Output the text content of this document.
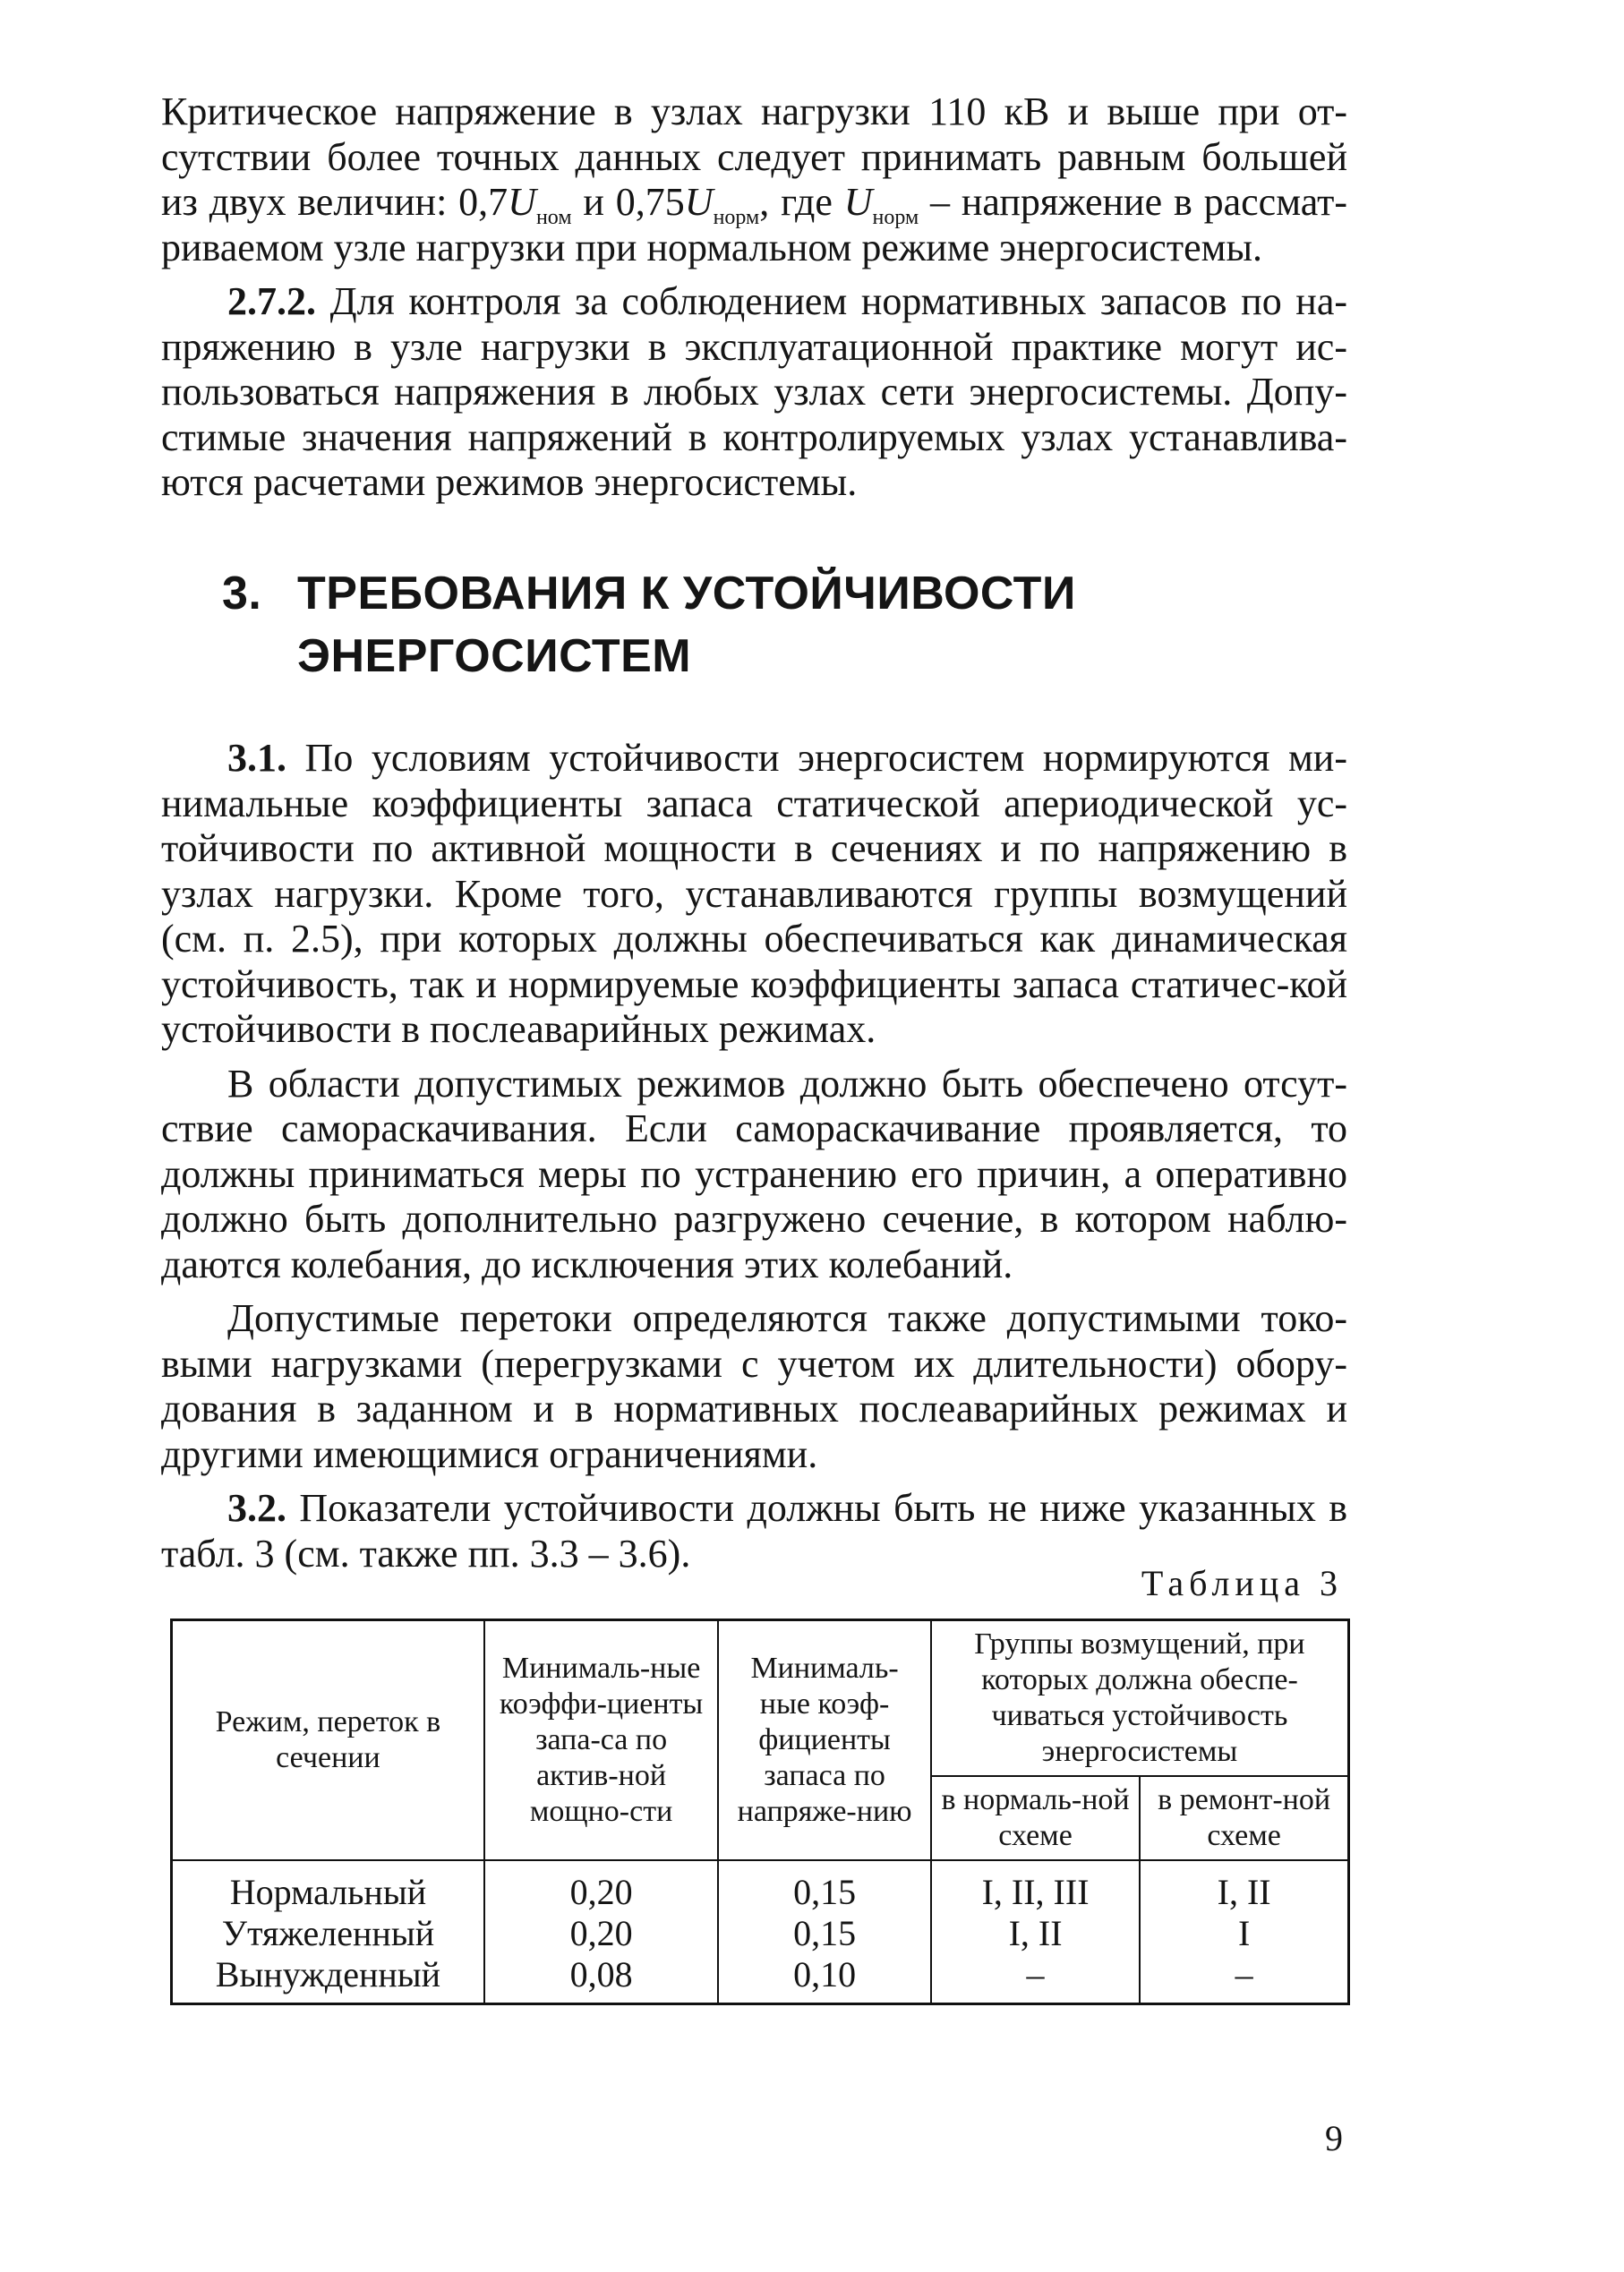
Критическое напряжение в узлах нагрузки 110 кВ и выше при от-сутствии более точных данных следует принимать равным большей из двух величин: $0,7U_{ном}$ и $0,75U_{норм}$, где $U_{норм}$ – напряжение в рассмат-риваемом узле нагрузки при нормальном режиме энергосистемы.

2.7.2. Для контроля за соблюдением нормативных запасов по на-пряжению в узле нагрузки в эксплуатационной практике могут ис-пользоваться напряжения в любых узлах сети энергосистемы. Допу-стимые значения напряжений в контролируемых узлах устанавлива-ются расчетами режимов энергосистемы.

3. ТРЕБОВАНИЯ К УСТОЙЧИВОСТИ
ЭНЕРГОСИСТЕМ

3.1. По условиям устойчивости энергосистем нормируются ми-нимальные коэффициенты запаса статической апериодической ус-тойчивости по активной мощности в сечениях и по напряжению в узлах нагрузки. Кроме того, устанавливаются группы возмущений (см. п. 2.5), при которых должны обеспечиваться как динамическая устойчивость, так и нормируемые коэффициенты запаса статичес-кой устойчивости в послеаварийных режимах.

В области допустимых режимов должно быть обеспечено отсут-ствие самораскачивания. Если самораскачивание проявляется, то должны приниматься меры по устранению его причин, а оперативно должно быть дополнительно разгружено сечение, в котором наблю-даются колебания, до исключения этих колебаний.

Допустимые перетоки определяются также допустимыми токо-выми нагрузками (перегрузками с учетом их длительности) обору-дования в заданном и в нормативных послеаварийных режимах и другими имеющимися ограничениями.

3.2. Показатели устойчивости должны быть не ниже указанных в табл. 3 (см. также пп. 3.3 – 3.6).

Таблица 3
Режим, переток в сечении	Минималь-ные коэффи-циенты запа-са по актив-ной мощно-сти	Минималь-ные коэф-фициенты запаса по напряже-нию	Группы возмущений, при которых должна обеспе-чиваться устойчивость энергосистемы	
			в нормаль-ной схеме	в ремонт-ной схеме
Нормальный	0,20	0,15	I, II, III	I, II
Утяжеленный	0,20	0,15	I, II	I
Вынужденный	0,08	0,10	–	–
9
